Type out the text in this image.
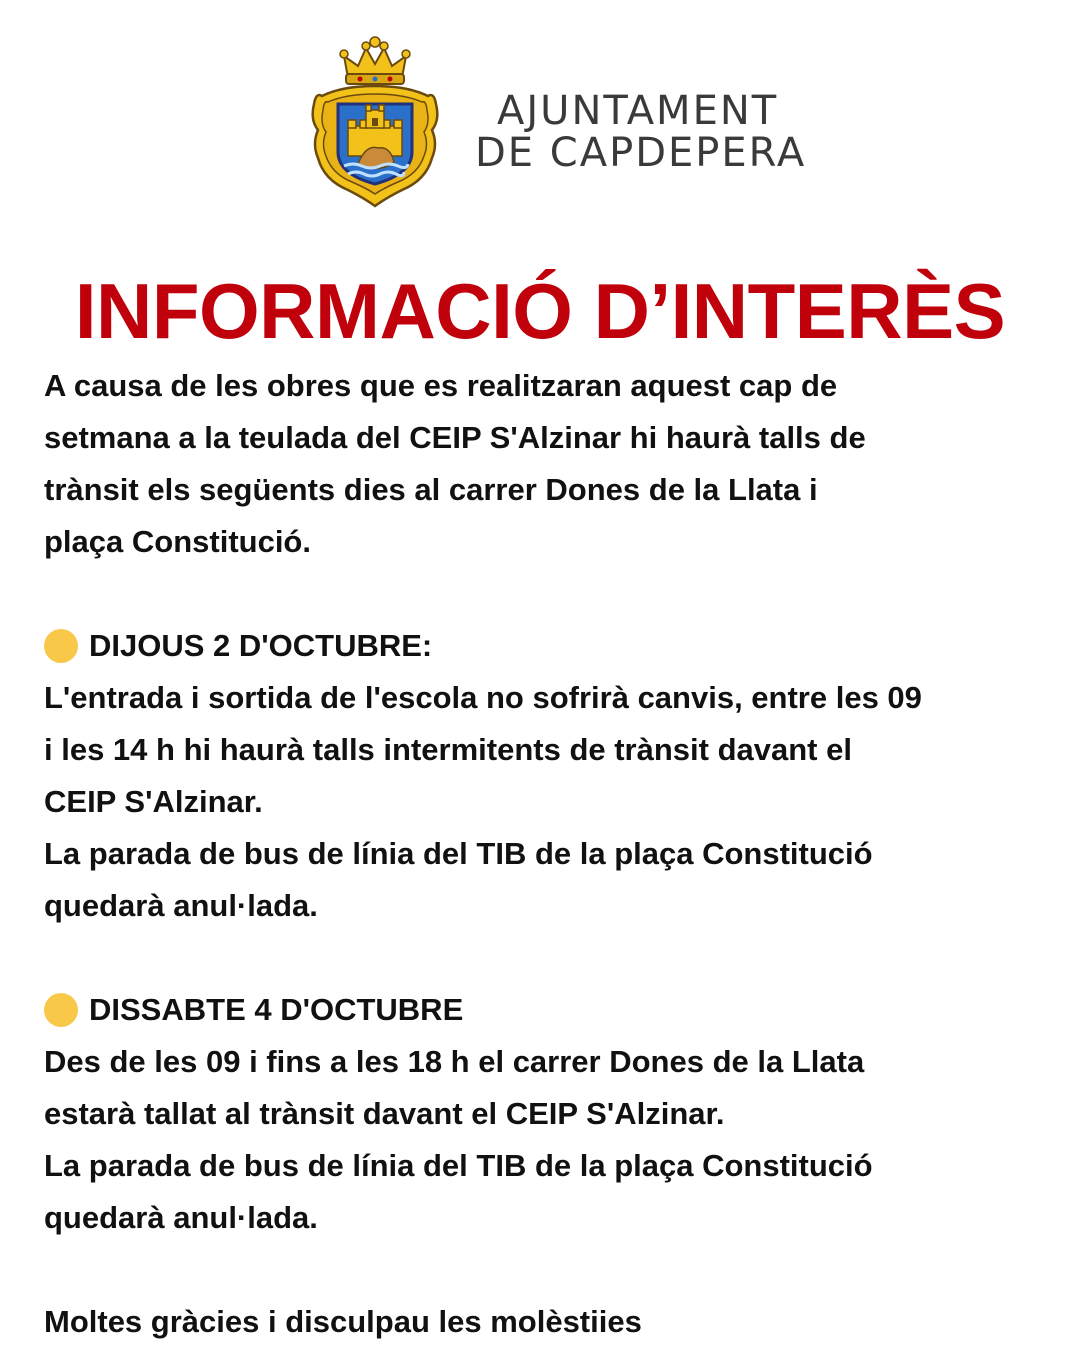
AJUNTAMENT
DE CAPDEPERA
INFORMACIÓ D’INTERÈS

A causa de les obres que es realitzaran aquest cap de

setmana a la teulada del CEIP S'Alzinar hi haurà talls de

trànsit els següents dies al carrer Dones de la Llata i

plaça Constitució.

DIJOUS 2 D'OCTUBRE:

L'entrada i sortida de l'escola no sofrirà canvis, entre les 09

i les 14 h hi haurà talls intermitents de trànsit davant el

CEIP S'Alzinar.

La parada de bus de línia del TIB de la plaça Constitució

quedarà anul·lada.

DISSABTE 4 D'OCTUBRE

Des de les 09 i fins a les 18 h el carrer Dones de la Llata

estarà tallat al trànsit davant el CEIP S'Alzinar.

La parada de bus de línia del TIB de la plaça Constitució

quedarà anul·lada.

Moltes gràcies i disculpau les molèstiies
